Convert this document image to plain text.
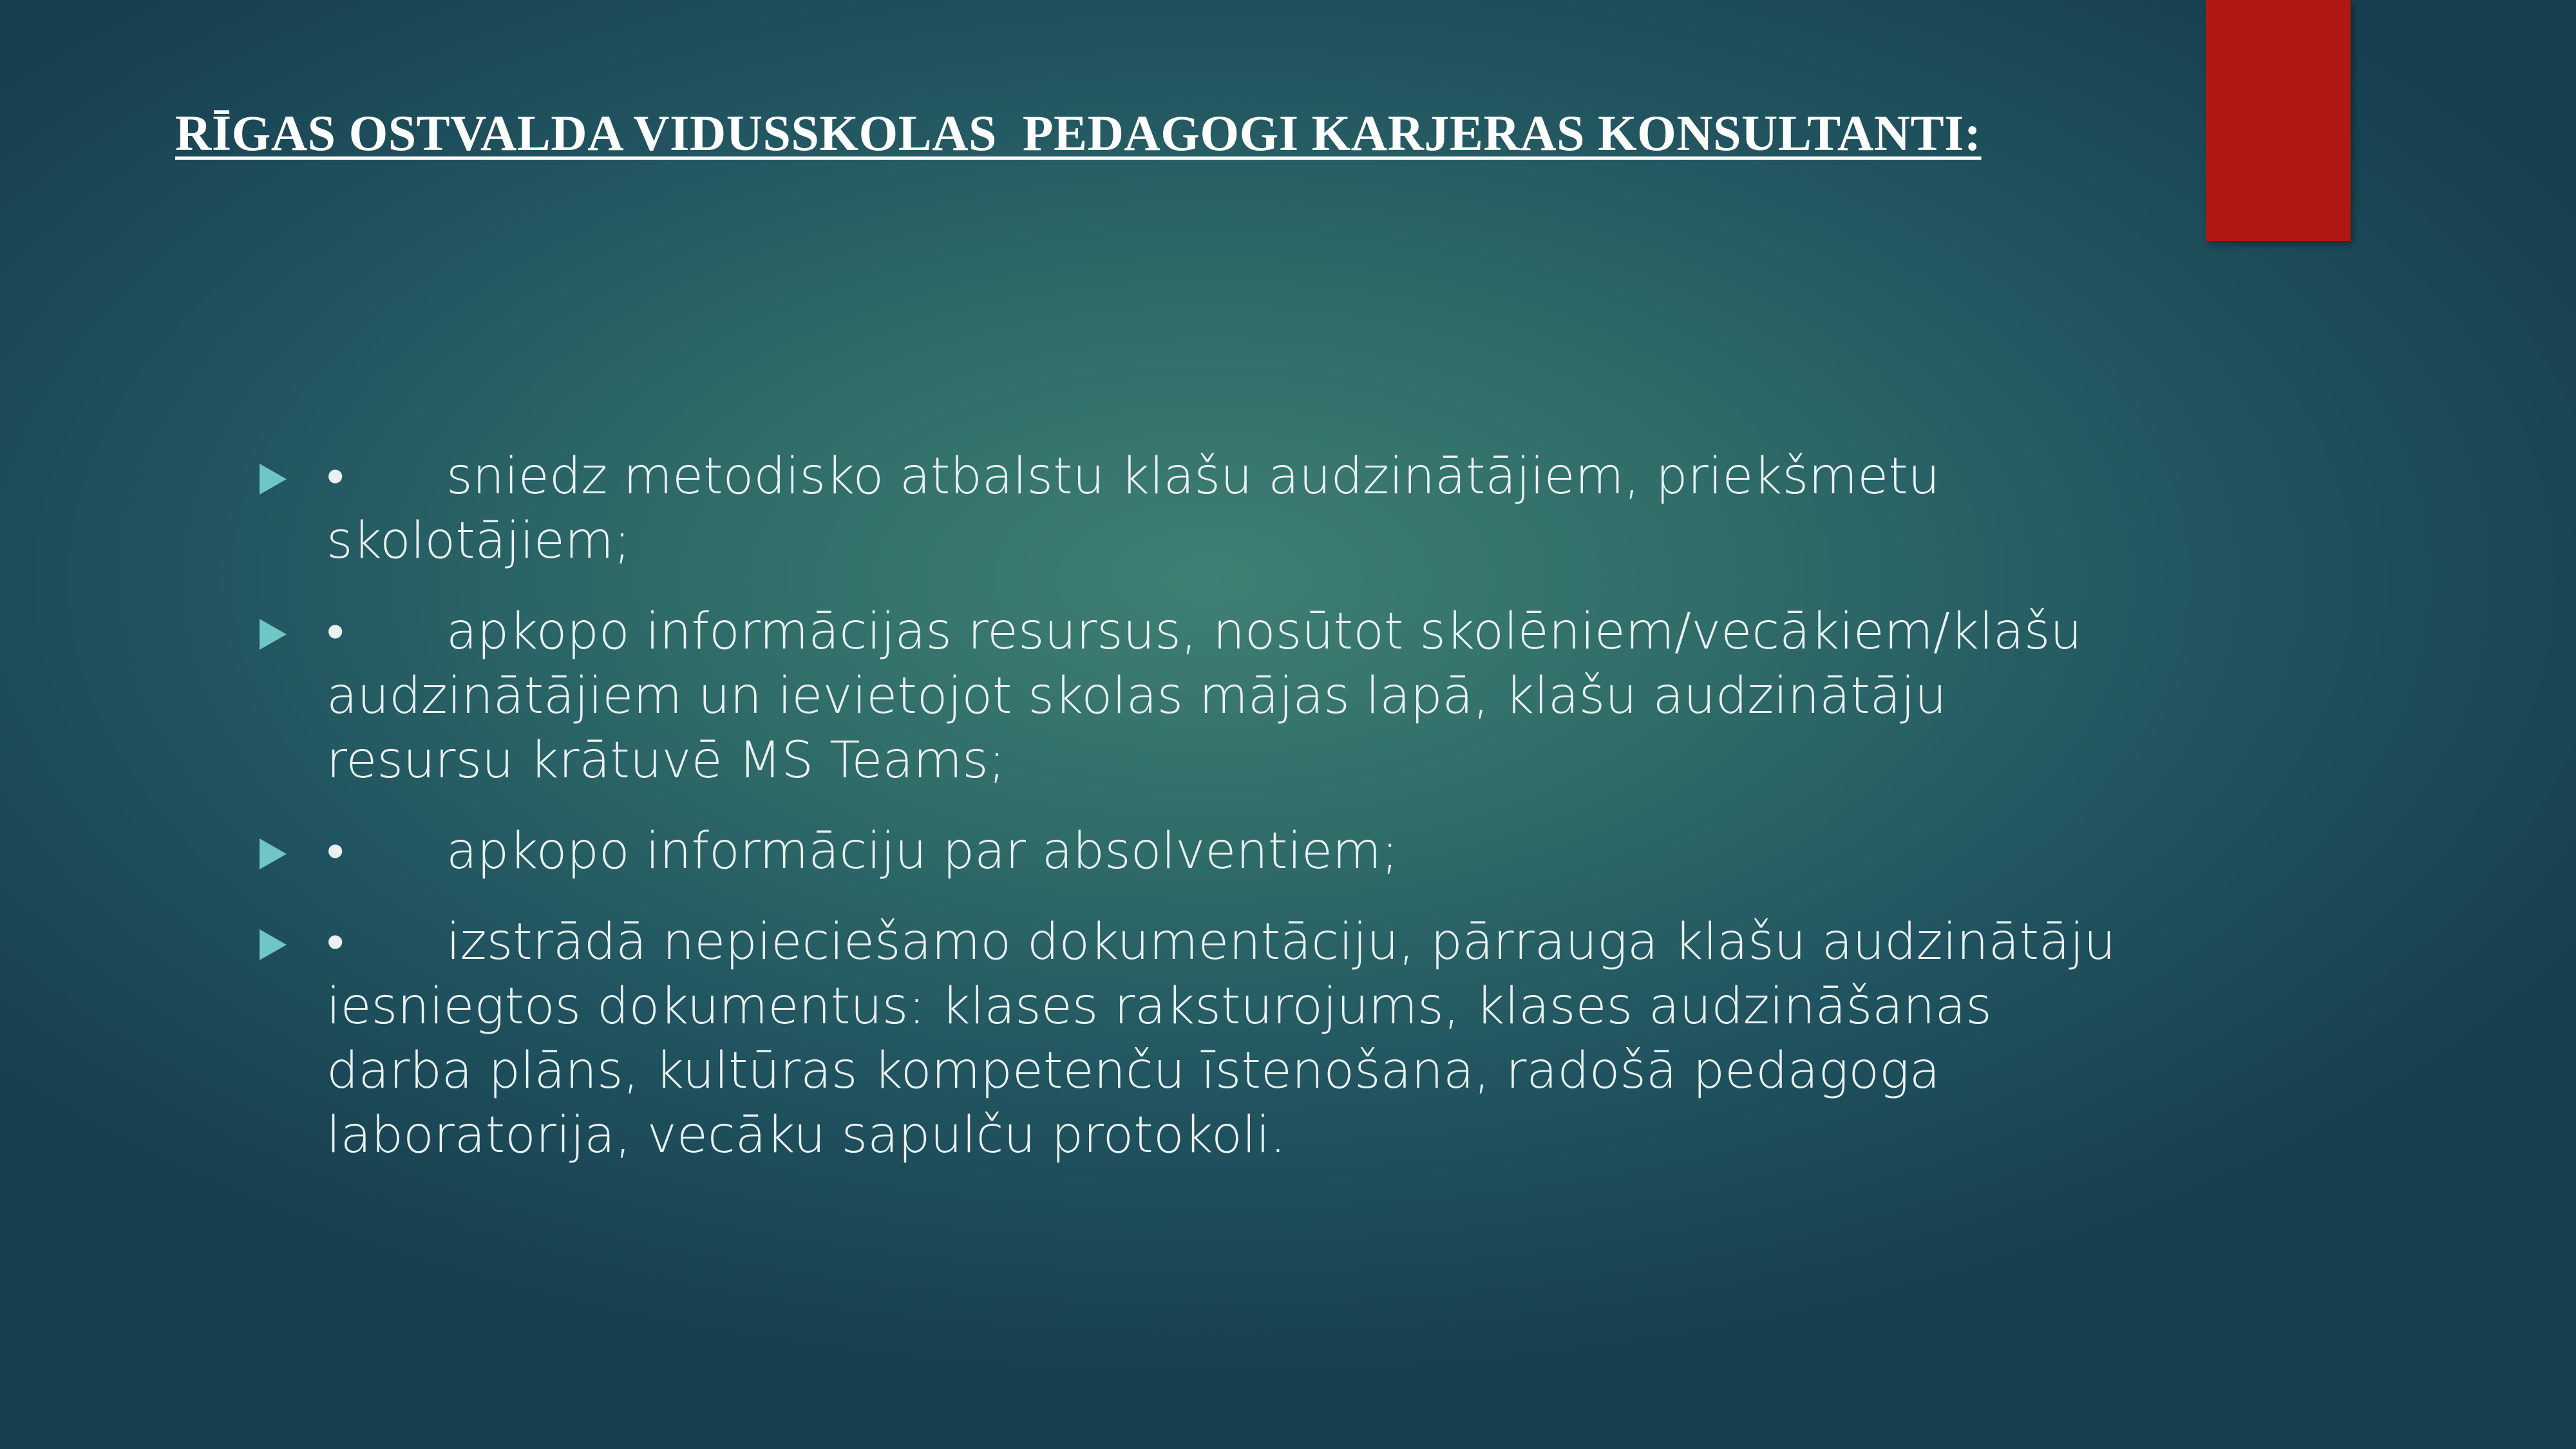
RĪGAS OSTVALDA VIDUSSKOLAS  PEDAGOGI KARJERAS KONSULTANTI:
• sniedz metodisko atbalstu klašu audzinātājiem, priekšmetu skolotājiem;
• apkopo informācijas resursus, nosūtot skolēniem/vecākiem/klašu audzinātājiem un ievietojot skolas mājas lapā, klašu audzinātāju resursu krātuvē MS Teams;
• apkopo informāciju par absolventiem;
• izstrādā nepieciešamo dokumentāciju, pārrauga klašu audzinātāju iesniegtos dokumentus: klases raksturojums, klases audzināšanas darba plāns, kultūras kompetenču īstenošana, radošā pedagoga laboratorija, vecāku sapulču protokoli.
